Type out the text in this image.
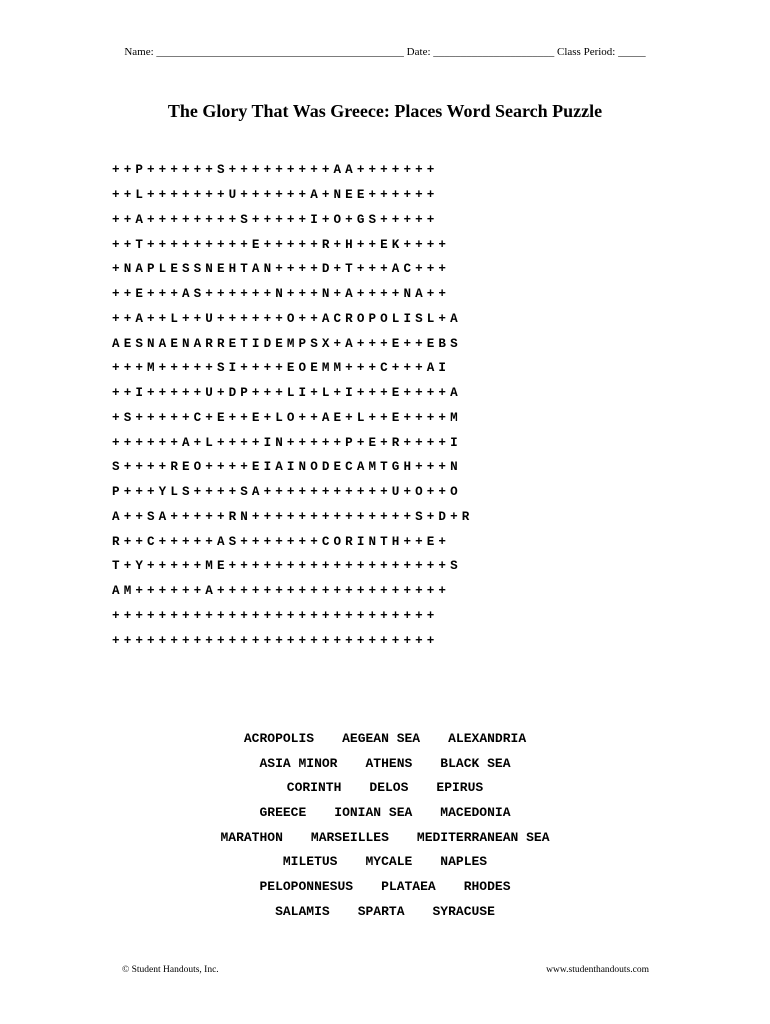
Name: _____________________________________________ Date: ______________________ Class Period: _____
The Glory That Was Greece: Places Word Search Puzzle
+ + P + + + + + + S + + + + + + + + + A A + + + + + + +
+ + L + + + + + + + U + + + + + + A + N E E + + + + + +
+ + A + + + + + + + + S + + + + + I + O + G S + + + + +
+ + T + + + + + + + + + E + + + + + R + H + + E K + + + +
+ N A P L E S S N E H T A N + + + + D + T + + + A C + + +
+ + E + + + A S + + + + + + N + + + N + A + + + + N A + +
+ + A + + L + + U + + + + + + O + + A C R O P O L I S L + A
A E S N A E N A R R E T I D E M P S X + A + + + E + + E B S
+ + + M + + + + + S I + + + + E O E M M + + + C + + + A I
+ + I + + + + + U + D P + + + L I + L + I + + + E + + + + A
+ S + + + + + C + E + + E + L O + + A E + L + + E + + + + M
+ + + + + + A + L + + + + I N + + + + + P + E + R + + + + I
S + + + + R E O + + + + E I A I N O D E C A M T G H + + + N
P + + + Y L S + + + + S A + + + + + + + + + + + U + O + + O
A + + S A + + + + + R N + + + + + + + + + + + + + + S + D + R
R + + C + + + + + A S + + + + + + + C O R I N T H + + E +
T + Y + + + + + M E + + + + + + + + + + + + + + + + + + + S
A M + + + + + + A + + + + + + + + + + + + + + + + + + + +
+ + + + + + + + + + + + + + + + + + + + + + + + + + + +
+ + + + + + + + + + + + + + + + + + + + + + + + + + + +
ACROPOLIS	AEGEAN SEA	ALEXANDRIA
ASIA MINOR	ATHENS	BLACK SEA
CORINTH	DELOS	EPIRUS
GREECE	IONIAN SEA	MACEDONIA
MARATHON	MARSEILLES	MEDITERRANEAN SEA
MILETUS	MYCALE	NAPLES
PELOPONNESUS	PLATAEA	RHODES
SALAMIS	SPARTA	SYRACUSE
© Student Handouts, Inc.	www.studenthandouts.com
